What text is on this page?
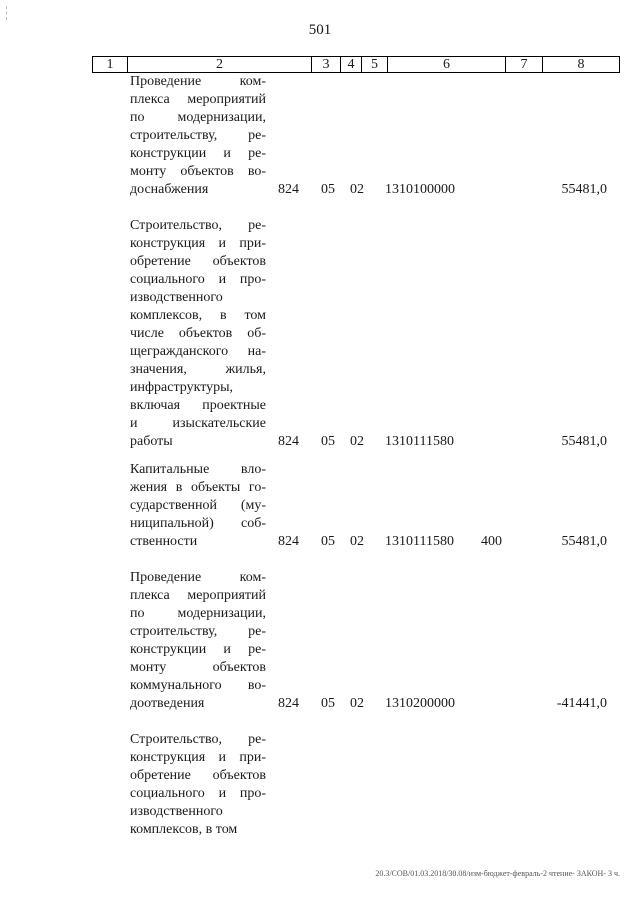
501
1	2	3	4	5	6	7	8
Проведение ком-
плекса мероприятий
по модернизации,
строительству, ре-
конструкции и ре-
монту объектов во-
доснабжения	824 05 02 1310100000	55481,0
Строительство, ре-
конструкция и при-
обретение объектов
социального и про-
изводственного
комплексов, в том
числе объектов об-
щегражданского на-
значения, жилья,
инфраструктуры,
включая проектные
и изыскательские
работы	824 05 02 1310111580	55481,0
Капитальные вло-
жения в объекты го-
сударственной (му-
ниципальной) соб-
ственности	824 05 02 1310111580 400	55481,0
Проведение ком-
плекса мероприятий
по модернизации,
строительству, ре-
конструкции и ре-
монту объектов
коммунального во-
доотведения	824 05 02 1310200000	-41441,0
Строительство, ре-
конструкция и при-
обретение объектов
социального и про-
изводственного
комплексов, в том
20.3/СОВ/01.03.2018/30.08/изм-бюджет-февраль-2 чтение- ЗАКОН- 3 ч.
